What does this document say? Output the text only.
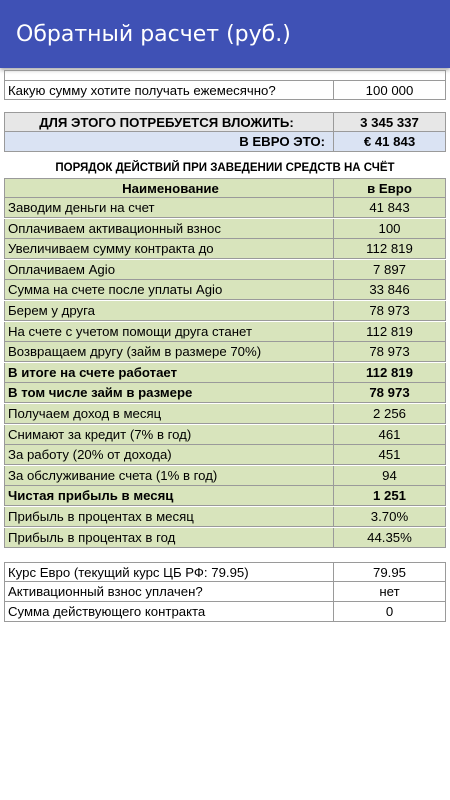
Обратный расчет (руб.)
Какую сумму хотите получать ежемесячно?	100 000
ДЛЯ ЭТОГО ПОТРЕБУЕТСЯ ВЛОЖИТЬ:	3 345 337
В ЕВРО ЭТО:	€ 41 843
ПОРЯДОК ДЕЙСТВИЙ ПРИ ЗАВЕДЕНИИ СРЕДСТВ НА СЧЁТ
Наименование	в Евро
Заводим деньги на счет	41 843
Оплачиваем активационный взнос	100
Увеличиваем сумму контракта до	112 819
Оплачиваем Agio	7 897
Сумма на счете после уплаты Agio	33 846
Берем у друга	78 973
На счете с учетом помощи друга станет	112 819
Возвращаем другу (займ в размере 70%)	78 973
В итоге на счете работает	112 819
В том числе займ в размере	78 973
Получаем доход в месяц	2 256
Снимают за кредит (7% в год)	461
За работу (20% от дохода)	451
За обслуживание счета (1% в год)	94
Чистая прибыль в месяц	1 251
Прибыль в процентах в месяц	3.70%
Прибыль в процентах в год	44.35%
Курс Евро (текущий курс ЦБ РФ: 79.95)	79.95
Активационный взнос уплачен?	нет
Сумма действующего контракта	0
